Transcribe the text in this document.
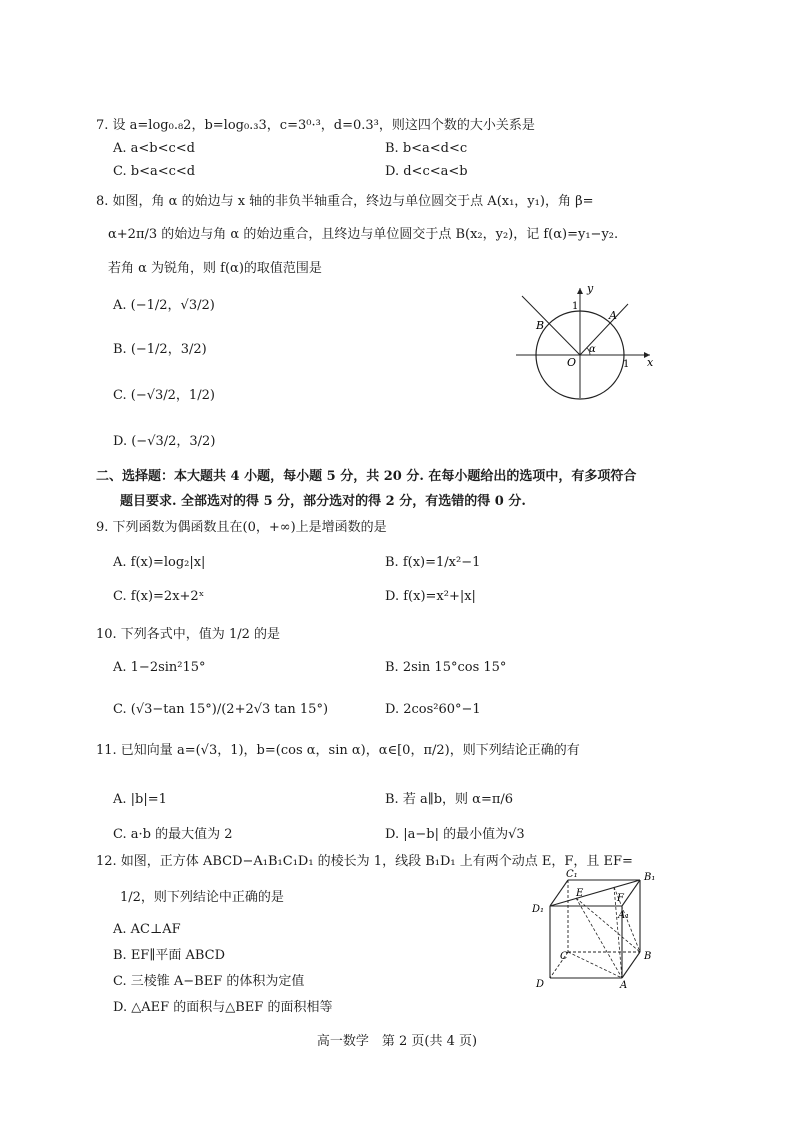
7. 设 a=log₀.₈2，b=log₀.₃3，c=3⁰·³，d=0.3³，则这四个数的大小关系是
A. a<b<c<d	B. b<a<d<c
C. b<a<c<d	D. d<c<a<b
8. 如图，角 α 的始边与 x 轴的非负半轴重合，终边与单位圆交于点 A(x₁，y₁)，角 β=
α+2π/3 的始边与角 α 的始边重合，且终边与单位圆交于点 B(x₂，y₂)，记 f(α)=y₁−y₂.
若角 α 为锐角，则 f(α)的取值范围是
A. (−1/2，√3/2)
B. (−1/2，3/2)
C. (−√3/2，1/2)
D. (−√3/2，3/2)
y
x
1
1
O
α
A
B
二、选择题：本大题共 4 小题，每小题 5 分，共 20 分. 在每小题给出的选项中，有多项符合
题目要求. 全部选对的得 5 分，部分选对的得 2 分，有选错的得 0 分.
9. 下列函数为偶函数且在(0，+∞)上是增函数的是
A. f(x)=log₂|x|	B. f(x)=1/x²−1
C. f(x)=2x+2ˣ	D. f(x)=x²+|x|
10. 下列各式中，值为 1/2 的是
A. 1−2sin²15°	B. 2sin 15°cos 15°
C. (√3−tan 15°)/(2+2√3 tan 15°)	D. 2cos²60°−1
11. 已知向量 a=(√3，1)，b=(cos α，sin α)，α∈[0，π/2)，则下列结论正确的有
A. |b|=1	B. 若 a∥b，则 α=π/6
C. a·b 的最大值为 2	D. |a−b| 的最小值为√3
12. 如图，正方体 ABCD−A₁B₁C₁D₁ 的棱长为 1，线段 B₁D₁ 上有两个动点 E，F，且 EF=
1/2，则下列结论中正确的是
A. AC⊥AF
B. EF∥平面 ABCD
C. 三棱锥 A−BEF 的体积为定值
D. △AEF 的面积与△BEF 的面积相等
C₁	B₁
D₁
A₁
E	F
C	B
D	A
高一数学　第 2 页(共 4 页)
